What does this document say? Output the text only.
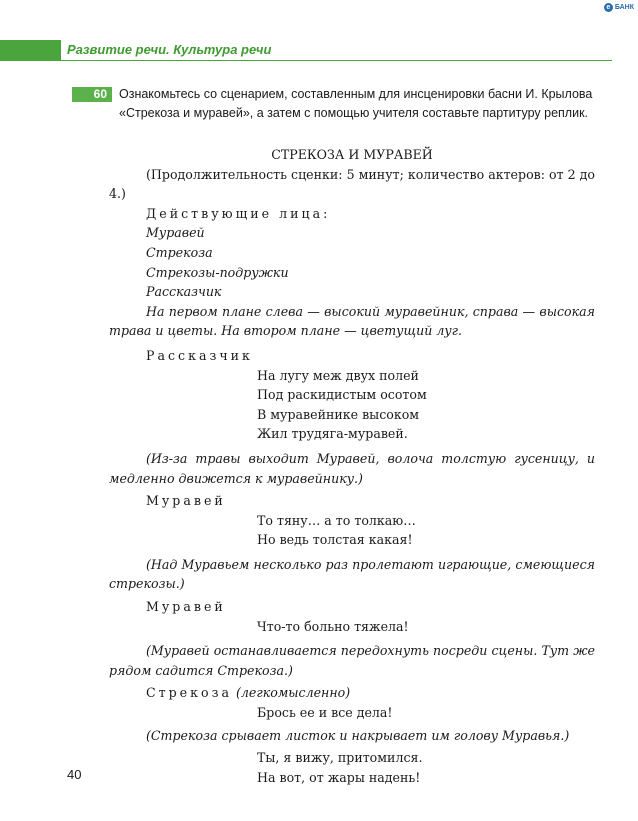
e БАНК
Развитие речи. Культура речи
60 Ознакомьтесь со сценарием, составленным для инсценировки басни И. Крылова «Стрекоза и муравей», а затем с помощью учителя составьте партитуру реплик.

СТРЕКОЗА И МУРАВЕЙ

(Продолжительность сценки: 5 минут; количество актеров: от 2 до 4.)

Действующие лица:

Муравей

Стрекоза

Стрекозы-подружки

Рассказчик

На первом плане слева — высокий муравейник, справа — высокая трава и цветы. На втором плане — цветущий луг.

Рассказчик

На лугу меж двух полей

Под раскидистым осотом

В муравейнике высоком

Жил трудяга-муравей.

(Из-за травы выходит Муравей, волоча толстую гусеницу, и медленно движется к муравейнику.)

Муравей

То тяну… а то толкаю…

Но ведь толстая какая!

(Над Муравьем несколько раз пролетают играющие, смеющиеся стрекозы.)

Муравей

Что-то больно тяжела!

(Муравей останавливается передохнуть посреди сцены. Тут же рядом садится Стрекоза.)

Стрекоза (легкомысленно)

Брось ее и все дела!

(Стрекоза срывает листок и накрывает им голову Муравья.)

Ты, я вижу, притомился.

На вот, от жары надень!

40
